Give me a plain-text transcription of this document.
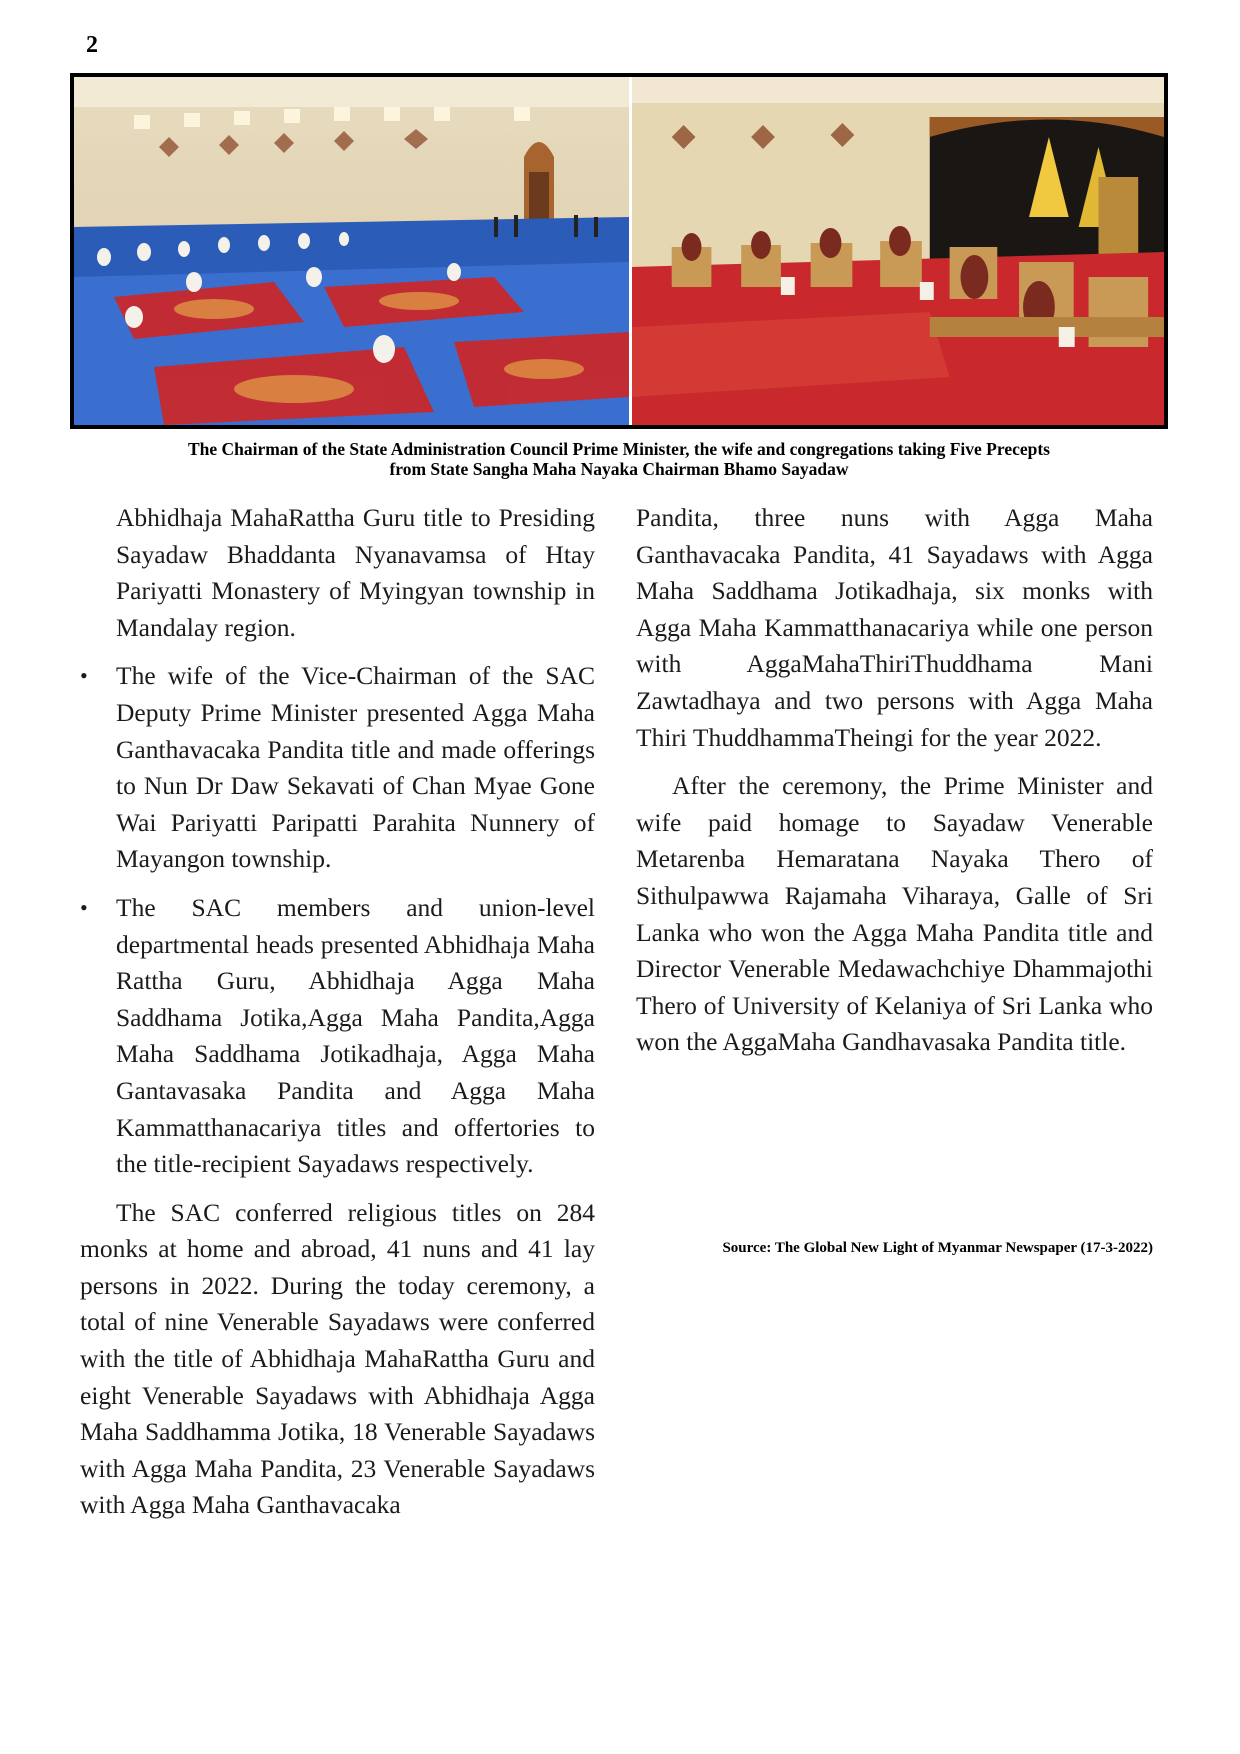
2
The Chairman of the State Administration Council Prime Minister, the wife and congregations taking Five Precepts
from State Sangha Maha Nayaka Chairman Bhamo Sayadaw

Abhidhaja MahaRattha Guru title to Presiding Sayadaw Bhaddanta Nyanavamsa of Htay Pariyatti Monastery of Myingyan township in Mandalay region.

• The wife of the Vice-Chairman of the SAC Deputy Prime Minister presented Agga Maha Ganthavacaka Pandita title and made offerings to Nun Dr Daw Sekavati of Chan Myae Gone Wai Pariyatti Paripatti Parahita Nunnery of Mayangon township.
• The SAC members and union-level departmental heads presented Abhidhaja Maha Rattha Guru, Abhidhaja Agga Maha Saddhama Jotika,Agga Maha Pandita,Agga Maha Saddhama Jotikadhaja, Agga Maha Gantavasaka Pandita and Agga Maha Kammatthanacariya titles and offertories to the title-recipient Sayadaws respectively.

The SAC conferred religious titles on 284 monks at home and abroad, 41 nuns and 41 lay persons in 2022. During the today ceremony, a total of nine Venerable Sayadaws were conferred with the title of Abhidhaja MahaRattha Guru and eight Venerable Sayadaws with Abhidhaja Agga Maha Saddhamma Jotika, 18 Venerable Sayadaws with Agga Maha Pandita, 23 Venerable Sayadaws with Agga Maha Ganthavacaka

Pandita, three nuns with Agga Maha Ganthavacaka Pandita, 41 Sayadaws with Agga Maha Saddhama Jotikadhaja, six monks with Agga Maha Kammatthanacariya while one person with AggaMahaThiriThuddhama Mani Zawtadhaya and two persons with Agga Maha Thiri ThuddhammaTheingi for the year 2022.

After the ceremony, the Prime Minister and wife paid homage to Sayadaw Venerable Metarenba Hemaratana Nayaka Thero of Sithulpawwa Rajamaha Viharaya, Galle of Sri Lanka who won the Agga Maha Pandita title and Director Venerable Medawachchiye Dhammajothi Thero of University of Kelaniya of Sri Lanka who won the AggaMaha Gandhavasaka Pandita title.

Source: The Global New Light of Myanmar Newspaper (17-3-2022)
